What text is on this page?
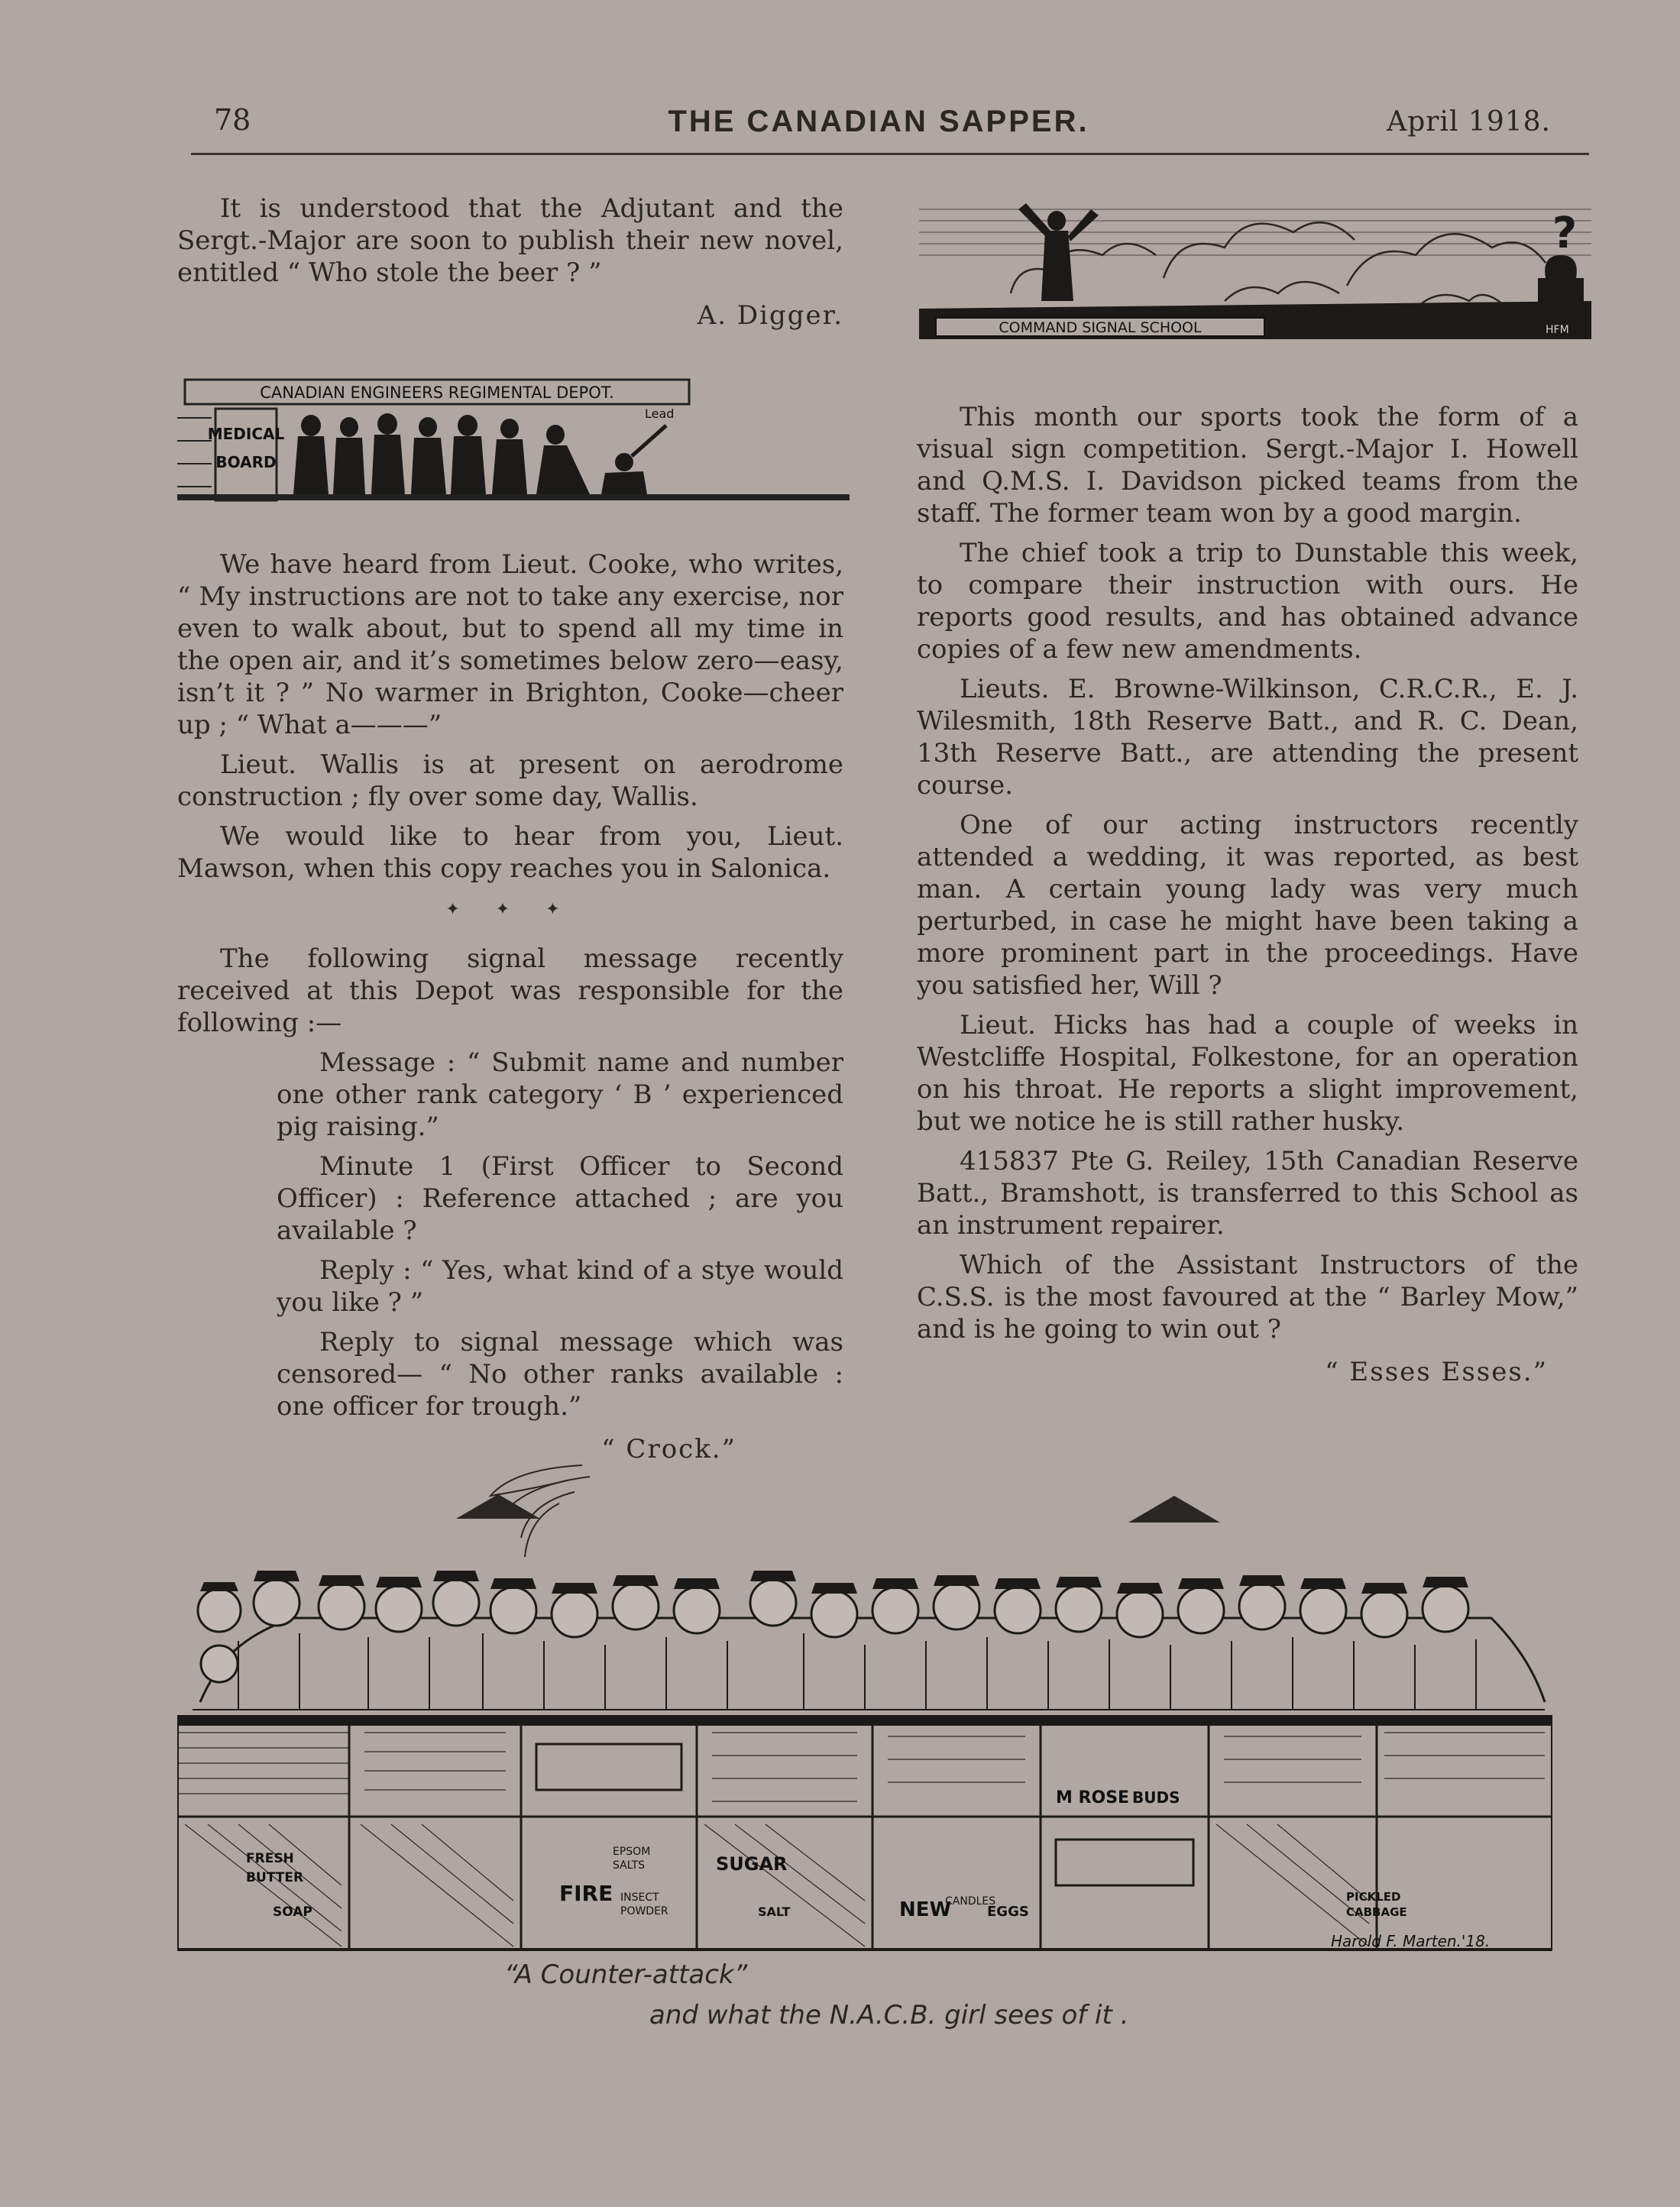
78	THE CANADIAN SAPPER.	April 1918.

It is understood that the Adjutant and the Sergt.-Major are soon to publish their new novel, entitled “ Who stole the beer ? ”

A. Digger.

CANADIAN ENGINEERS REGIMENTAL DEPOT.
MEDICAL
BOARD
Lead

We have heard from Lieut. Cooke, who writes, “ My instructions are not to take any exercise, nor even to walk about, but to spend all my time in the open air, and it’s sometimes below zero—easy, isn’t it ? ” No warmer in Brighton, Cooke—cheer up ; “ What a———”

Lieut. Wallis is at present on aerodrome construction ; fly over some day, Wallis.

We would like to hear from you, Lieut. Mawson, when this copy reaches you in Salonica.

✦ ✦ ✦

The following signal message recently received at this Depot was responsible for the following :—

Message : “ Submit name and number one other rank category ‘ B ’ experienced pig raising.”

Minute 1 (First Officer to Second Officer) : Reference attached ; are you available ?

Reply : “ Yes, what kind of a stye would you like ? ”

Reply to signal message which was censored— “ No other ranks available : one officer for trough.”

“ Crock.”

?
COMMAND SIGNAL SCHOOL	HFM

This month our sports took the form of a visual sign competition. Sergt.-Major I. Howell and Q.M.S. I. Davidson picked teams from the staff. The former team won by a good margin.

The chief took a trip to Dunstable this week, to compare their instruction with ours. He reports good results, and has obtained advance copies of a few new amendments.

Lieuts. E. Browne-Wilkinson, C.R.C.R., E. J. Wilesmith, 18th Reserve Batt., and R. C. Dean, 13th Reserve Batt., are attending the present course.

One of our acting instructors recently attended a wedding, it was reported, as best man. A certain young lady was very much perturbed, in case he might have been taking a more prominent part in the proceedings. Have you satisfied her, Will ?

Lieut. Hicks has had a couple of weeks in Westcliffe Hospital, Folkestone, for an operation on his throat. He reports a slight improvement, but we notice he is still rather husky.

415837 Pte G. Reiley, 15th Canadian Reserve Batt., Bramshott, is transferred to this School as an instrument repairer.

Which of the Assistant Instructors of the C.S.S. is the most favoured at the “ Barley Mow,” and is he going to win out ?

“ Esses Esses.”

FRESH
BUTTER
SOAP
EPSOM
SALTS
FIRE INSECT
POWDER
SUGAR
SALT	NEW
CANDLES
EGGS
M ROSE BUDS
PICKLED
CABBAGE
Harold F. Marten.'18.
“A Counter-attack”
and what the N.A.C.B. girl sees of it .
